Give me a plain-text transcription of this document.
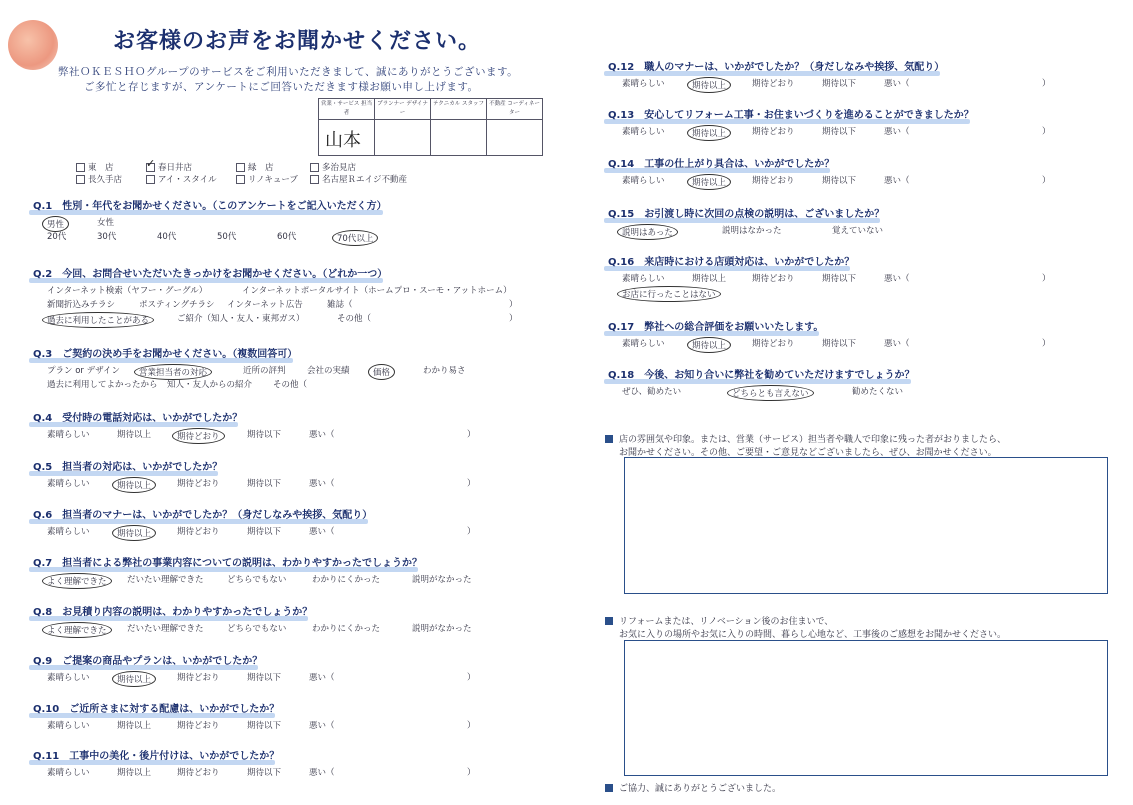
お客様のお声をお聞かせください。
弊社ＯＫＥＳＨＯグループのサービスをご利用いただきまして、誠にありがとうございます。
ご多忙と存じますが、アンケートにご回答いただきます様お願い申し上げます。
営業・サービス 担当者
プランナー デザイナー
テクニカル スタッフ 不動産 コーディネーター
山本
東　店
✓	春日井店	緑　店	多治見店
長久手店	アイ・スタイル	リノキューブ	名古屋Ｒエイジ不動産
Q.1　性別・年代をお聞かせください。（このアンケートをご記入いただく方）
男性	女性
20代	30代	40代	50代	60代	70代以上
Q.2　今回、お問合せいただいたきっかけをお聞かせください。（どれか一つ）
インターネット検索（ヤフー・グーグル）	インターネットポータルサイト（ホームプロ・スーモ・アットホーム）
新聞折込みチラシ	ポスティングチラシ インターネット広告	雑誌（	）
過去に利用したことがある	ご紹介（知人・友人・東邦ガス）	その他（	）
Q.3　ご契約の決め手をお聞かせください。（複数回答可）
プラン or デザイン	営業担当者の対応	近所の評判	会社の実績	価格	わかり易さ
過去に利用してよかったから 知人・友人からの紹介 その他（
Q.4　受付時の電話対応は、いかがでしたか？
素晴らしい	期待以上	期待どおり	期待以下	悪い（	）
Q.5　担当者の対応は、いかがでしたか？
素晴らしい	期待以上	期待どおり	期待以下	悪い（	）
Q.6　担当者のマナーは、いかがでしたか？（身だしなみや挨拶、気配り）
素晴らしい	期待以上	期待どおり	期待以下	悪い（	）
Q.7　担当者による弊社の事業内容についての説明は、わかりやすかったでしょうか？
よく理解できた	だいたい理解できた	どちらでもない	わかりにくかった	説明がなかった
Q.8　お見積り内容の説明は、わかりやすかったでしょうか？
よく理解できた	だいたい理解できた	どちらでもない	わかりにくかった	説明がなかった
Q.9　ご提案の商品やプランは、いかがでしたか？
素晴らしい	期待以上	期待どおり	期待以下	悪い（	）
Q.10　ご近所さまに対する配慮は、いかがでしたか？
素晴らしい	期待以上	期待どおり	期待以下	悪い（	）
Q.11　工事中の美化・後片付けは、いかがでしたか？
素晴らしい	期待以上	期待どおり	期待以下	悪い（	）
Q.12　職人のマナーは、いかがでしたか？（身だしなみや挨拶、気配り）
素晴らしい	期待以上	期待どおり	期待以下	悪い（	）
Q.13　安心してリフォーム工事・お住まいづくりを進めることができましたか？
素晴らしい	期待以上	期待どおり	期待以下	悪い（	）
Q.14　工事の仕上がり具合は、いかがでしたか？
素晴らしい	期待以上	期待どおり	期待以下	悪い（	）
Q.15　お引渡し時に次回の点検の説明は、ございましたか？
説明はあった	説明はなかった	覚えていない
Q.16　来店時における店頭対応は、いかがでしたか？
素晴らしい	期待以上	期待どおり	期待以下	悪い（	）
お店に行ったことはない
Q.17　弊社への総合評価をお願いいたします。
素晴らしい	期待以上	期待どおり	期待以下	悪い（	）
Q.18　今後、お知り合いに弊社を勧めていただけますでしょうか？
ぜひ、勧めたい	どちらとも言えない	勧めたくない
店の雰囲気や印象。または、営業（サービス）担当者や職人で印象に残った者がおりましたら、
お聞かせください。その他、ご要望・ご意見などございましたら、ぜひ、お聞かせください。
リフォームまたは、リノベーション後のお住まいで、
お気に入りの場所やお気に入りの時間、暮らし心地など、工事後のご感想をお聞かせください。
ご協力、誠にありがとうございました。
